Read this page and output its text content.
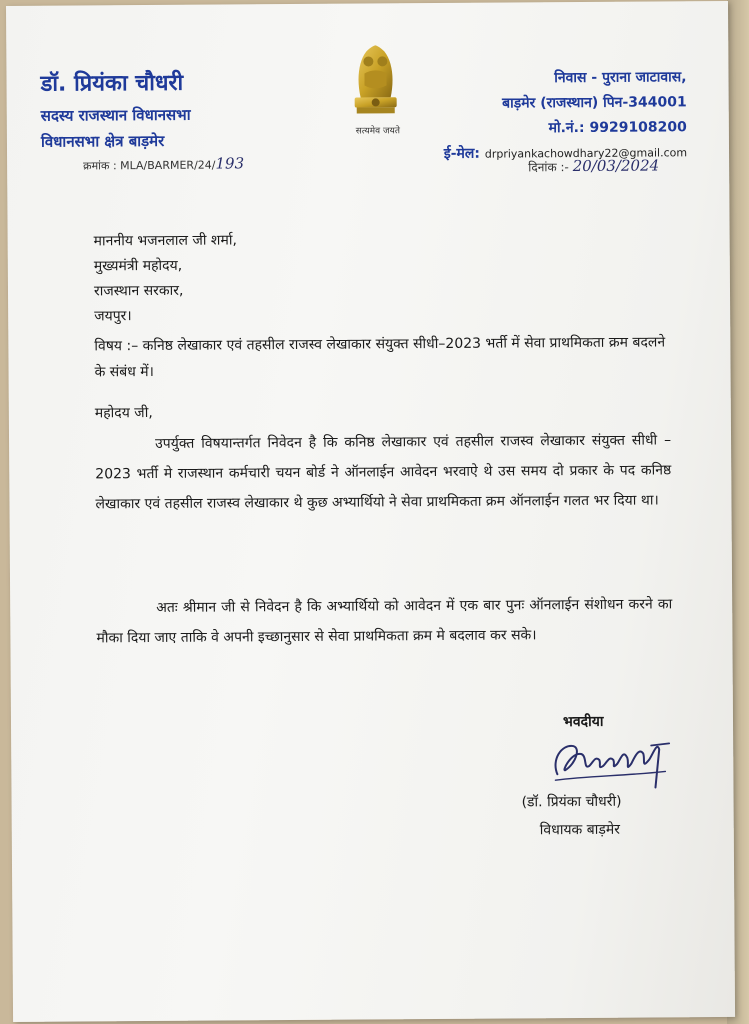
डॉ. प्रियंका चौधरी
सदस्य राजस्थान विधानसभा
विधानसभा क्षेत्र बाड़मेर
सत्यमेव जयते
निवास - पुराना जाटावास,
बाड़मेर (राजस्थान) पिन-344001
मो.नं.: 9929108200
ई-मेल: drpriyankachowdhary22@gmail.com
क्रमांक : MLA/BARMER/24/193	दिनांक :- 20/03/2024
माननीय भजनलाल जी शर्मा,
मुख्यमंत्री महोदय,
राजस्थान सरकार,
जयपुर।
विषय :– कनिष्ठ लेखाकार एवं तहसील राजस्व लेखाकार संयुक्त सीधी–2023 भर्ती में सेवा प्राथमिकता क्रम बदलने के संबंध में।
महोदय जी,
उपर्युक्त विषयान्तर्गत निवेदन है कि कनिष्ठ लेखाकार एवं तहसील राजस्व लेखाकार संयुक्त सीधी –2023 भर्ती मे राजस्थान कर्मचारी चयन बोर्ड ने ऑनलाईन आवेदन भरवाऐ थे उस समय दो प्रकार के पद कनिष्ठ लेखाकार एवं तहसील राजस्व लेखाकार थे कुछ अभ्यार्थियो ने सेवा प्राथमिकता क्रम ऑनलाईन गलत भर दिया था।
अतः श्रीमान जी से निवेदन है कि अभ्यार्थियो को आवेदन में एक बार पुनः ऑनलाईन संशोधन करने का मौका दिया जाए ताकि वे अपनी इच्छानुसार से सेवा प्राथमिकता क्रम मे बदलाव कर सके।
भवदीया
(डॉ. प्रियंका चौधरी)
विधायक बाड़मेर
